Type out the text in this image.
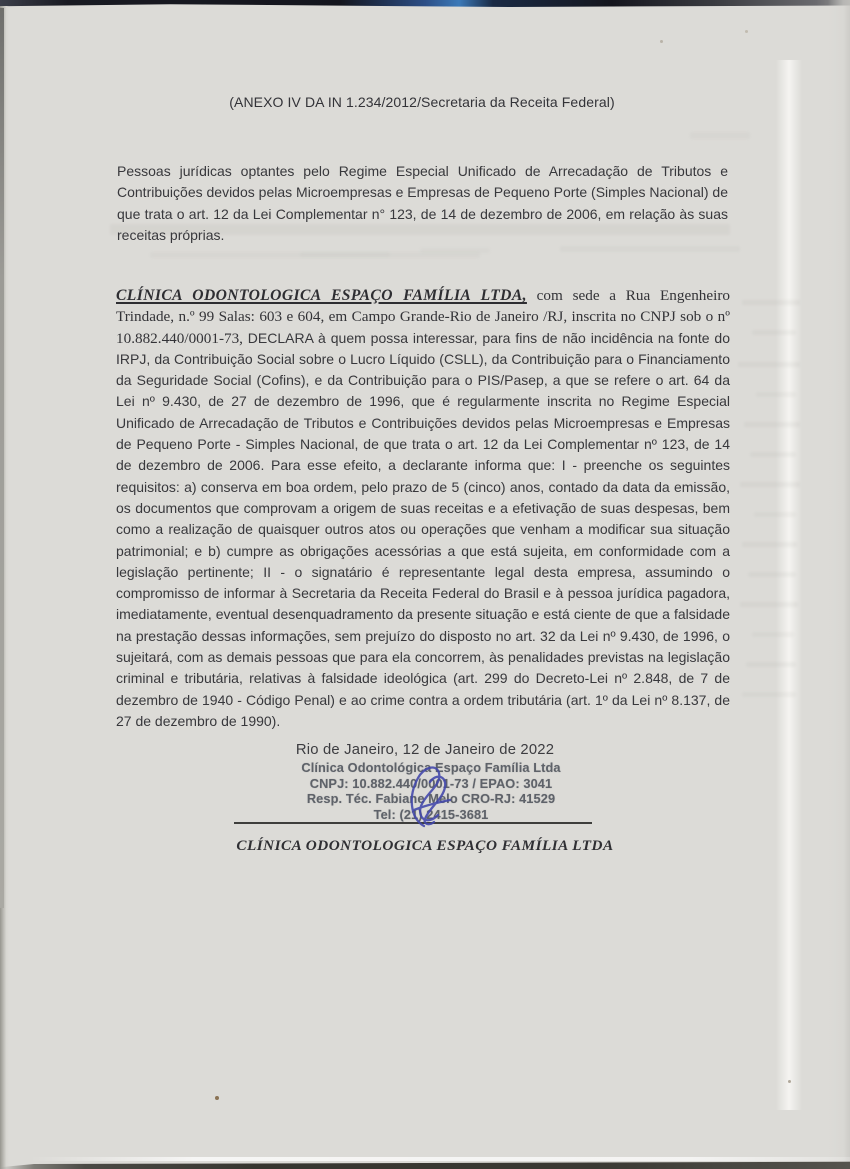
(ANEXO IV DA IN 1.234/2012/Secretaria da Receita Federal)
Pessoas jurídicas optantes pelo Regime Especial Unificado de Arrecadação de Tributos e Contribuições devidos pelas Microempresas e Empresas de Pequeno Porte (Simples Nacional) de que trata o art. 12 da Lei Complementar n° 123, de 14 de dezembro de 2006, em relação às suas receitas próprias.
CLÍNICA ODONTOLOGICA ESPAÇO FAMÍLIA LTDA, com sede a Rua Engenheiro Trindade, n.º 99 Salas: 603 e 604, em Campo Grande-Rio de Janeiro /RJ, inscrita no CNPJ sob o nº 10.882.440/0001-73, DECLARA à quem possa interessar, para fins de não incidência na fonte do IRPJ, da Contribuição Social sobre o Lucro Líquido (CSLL), da Contribuição para o Financiamento da Seguridade Social (Cofins), e da Contribuição para o PIS/Pasep, a que se refere o art. 64 da Lei nº 9.430, de 27 de dezembro de 1996, que é regularmente inscrita no Regime Especial Unificado de Arrecadação de Tributos e Contribuições devidos pelas Microempresas e Empresas de Pequeno Porte - Simples Nacional, de que trata o art. 12 da Lei Complementar nº 123, de 14 de dezembro de 2006. Para esse efeito, a declarante informa que: I - preenche os seguintes requisitos: a) conserva em boa ordem, pelo prazo de 5 (cinco) anos, contado da data da emissão, os documentos que comprovam a origem de suas receitas e a efetivação de suas despesas, bem como a realização de quaisquer outros atos ou operações que venham a modificar sua situação patrimonial; e b) cumpre as obrigações acessórias a que está sujeita, em conformidade com a legislação pertinente; II - o signatário é representante legal desta empresa, assumindo o compromisso de informar à Secretaria da Receita Federal do Brasil e à pessoa jurídica pagadora, imediatamente, eventual desenquadramento da presente situação e está ciente de que a falsidade na prestação dessas informações, sem prejuízo do disposto no art. 32 da Lei nº 9.430, de 1996, o sujeitará, com as demais pessoas que para ela concorrem, às penalidades previstas na legislação criminal e tributária, relativas à falsidade ideológica (art. 299 do Decreto-Lei nº 2.848, de 7 de dezembro de 1940 - Código Penal) e ao crime contra a ordem tributária (art. 1º da Lei nº 8.137, de 27 de dezembro de 1990).
Rio de Janeiro, 12 de Janeiro de 2022
Clínica Odontológica Espaço Família Ltda
CNPJ: 10.882.440/0001-73 / EPAO: 3041
Resp. Téc. Fabiane Melo CRO-RJ: 41529
Tel: (21) 2415-3681
CLÍNICA ODONTOLOGICA ESPAÇO FAMÍLIA LTDA
